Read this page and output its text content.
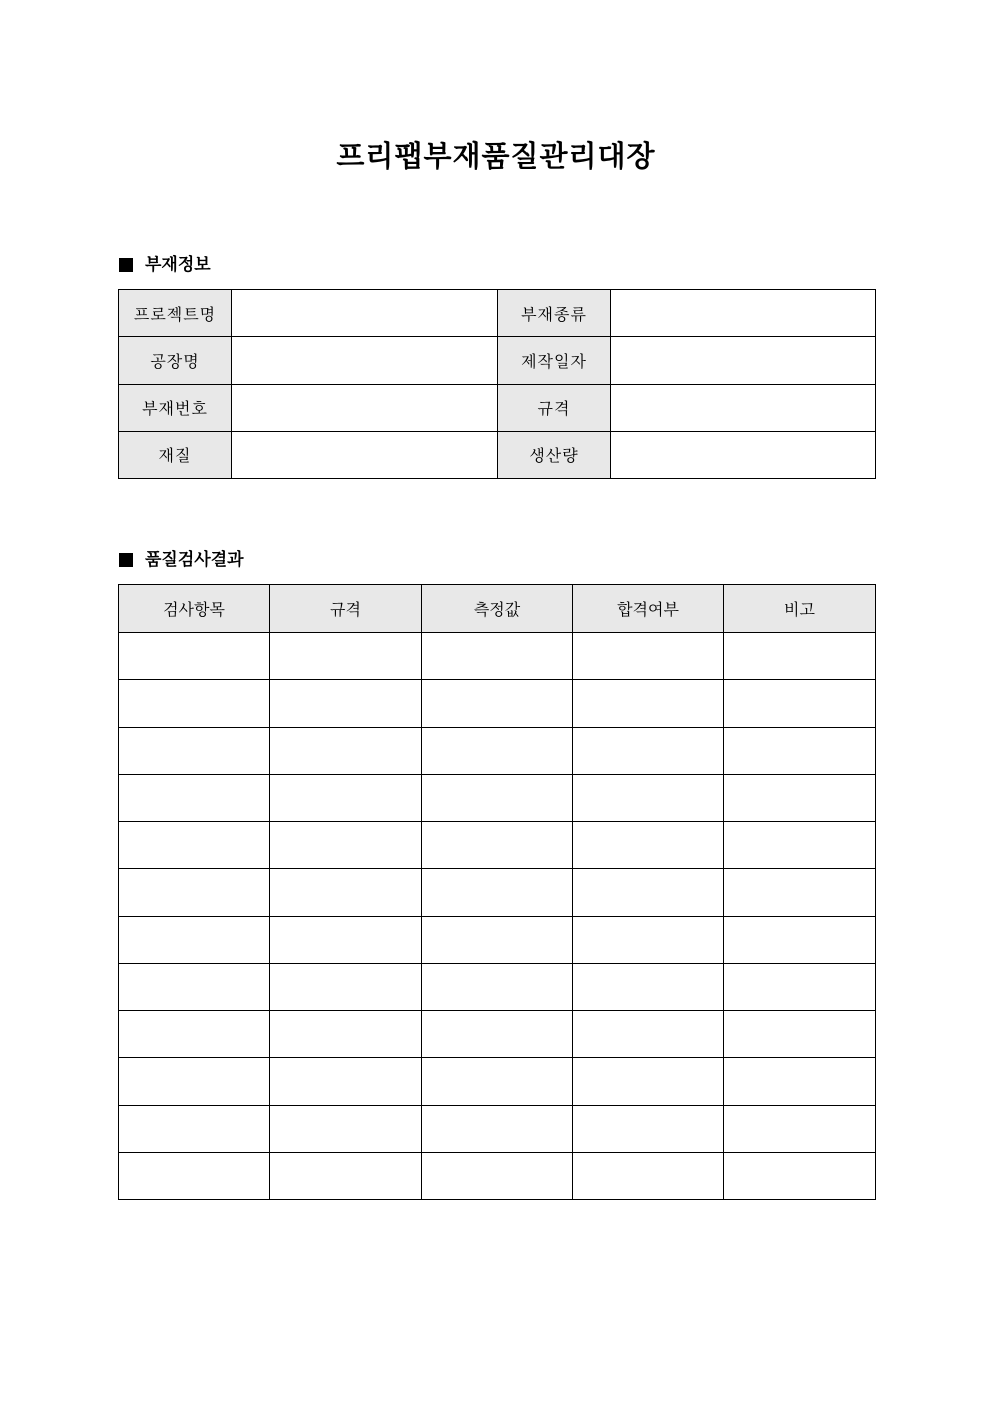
프리팹부재품질관리대장
부재정보
프로젝트명		부재종류	
공장명		제작일자	
부재번호		규격	
재질		생산량	
품질검사결과
검사항목	규격	측정값	합격여부	비고
